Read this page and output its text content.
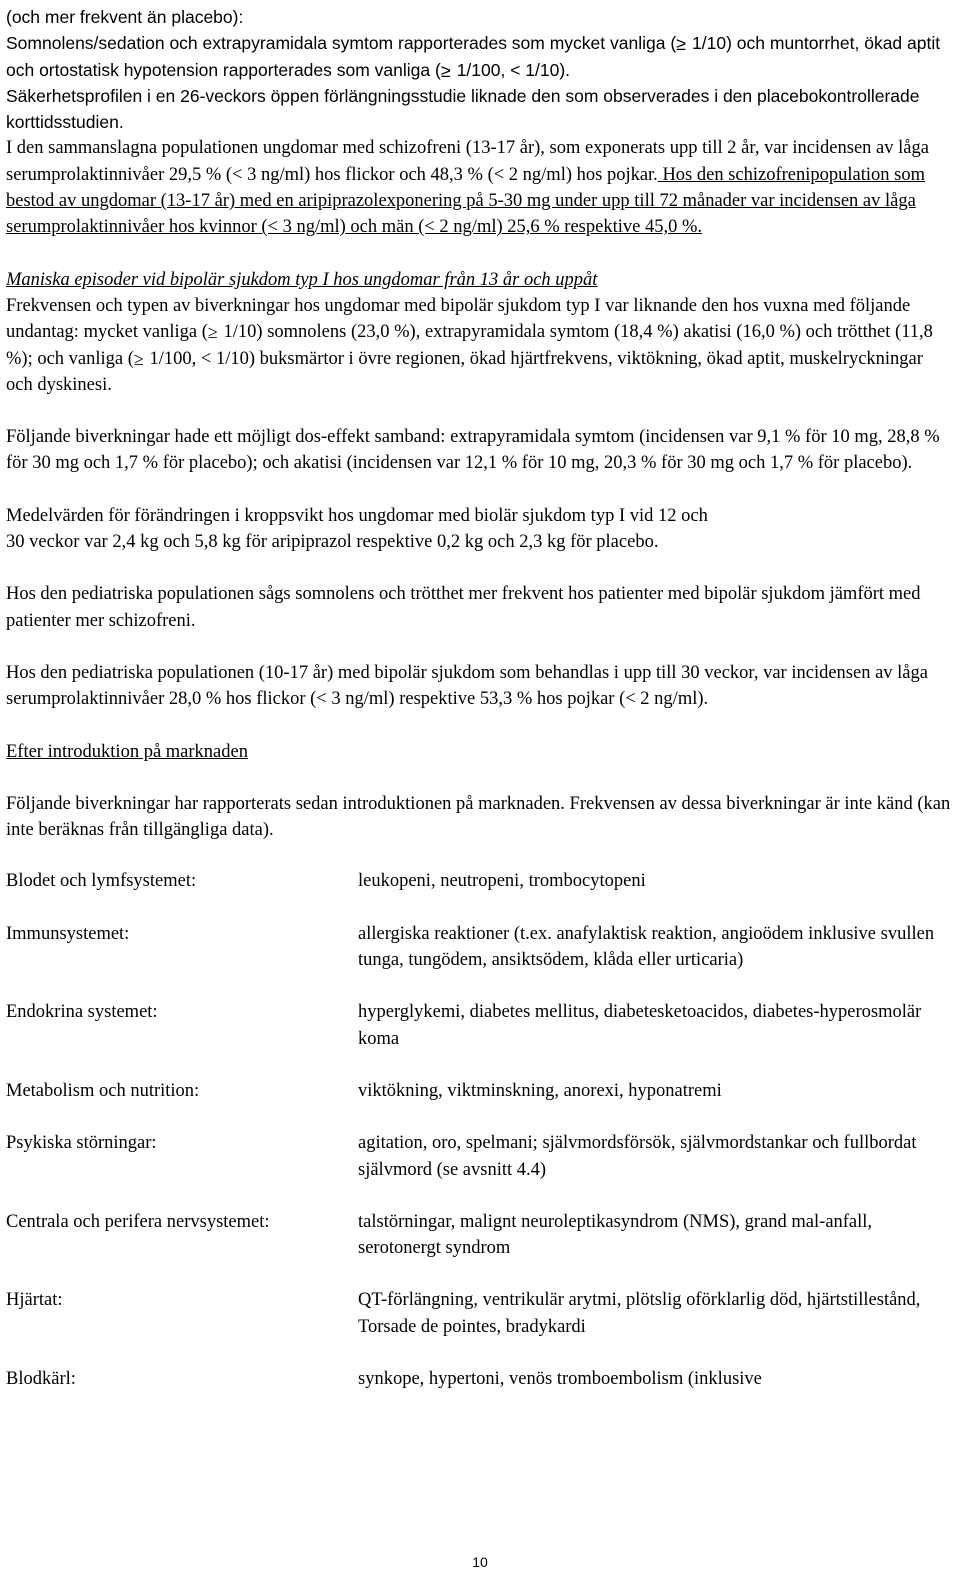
(och mer frekvent än placebo):

Somnolens/sedation och extrapyramidala symtom rapporterades som mycket vanliga (≥ 1/10) och muntorrhet, ökad aptit och ortostatisk hypotension rapporterades som vanliga (≥ 1/100, < 1/10).

Säkerhetsprofilen i en 26-veckors öppen förlängningsstudie liknade den som observerades i den placebokontrollerade korttidsstudien.

I den sammanslagna populationen ungdomar med schizofreni (13-17 år), som exponerats upp till 2 år, var incidensen av låga serumprolaktinnivåer 29,5 % (< 3 ng/ml) hos flickor och 48,3 % (< 2 ng/ml) hos pojkar. Hos den schizofrenipopulation som bestod av ungdomar (13-17 år) med en aripiprazolexponering på 5-30 mg under upp till 72 månader var incidensen av låga serumprolaktinnivåer hos kvinnor (< 3 ng/ml) och män (< 2 ng/ml) 25,6 % respektive 45,0 %.

Maniska episoder vid bipolär sjukdom typ I hos ungdomar från 13 år och uppåt

Frekvensen och typen av biverkningar hos ungdomar med bipolär sjukdom typ I var liknande den hos vuxna med följande undantag: mycket vanliga (≥ 1/10) somnolens (23,0 %), extrapyramidala symtom (18,4 %) akatisi (16,0 %) och trötthet (11,8 %); och vanliga (≥ 1/100, < 1/10) buksmärtor i övre regionen, ökad hjärtfrekvens, viktökning, ökad aptit, muskelryckningar och dyskinesi.

Följande biverkningar hade ett möjligt dos-effekt samband: extrapyramidala symtom (incidensen var 9,1 % för 10 mg, 28,8 % för 30 mg och 1,7 % för placebo); och akatisi (incidensen var 12,1 % för 10 mg, 20,3 % för 30 mg och 1,7 % för placebo).

Medelvärden för förändringen i kroppsvikt hos ungdomar med biolär sjukdom typ I vid 12 och

30 veckor var 2,4 kg och 5,8 kg för aripiprazol respektive 0,2 kg och 2,3 kg för placebo.

Hos den pediatriska populationen sågs somnolens och trötthet mer frekvent hos patienter med bipolär sjukdom jämfört med patienter mer schizofreni.

Hos den pediatriska populationen (10-17 år) med bipolär sjukdom som behandlas i upp till 30 veckor, var incidensen av låga serumprolaktinnivåer 28,0 % hos flickor (< 3 ng/ml) respektive 53,3 % hos pojkar (< 2 ng/ml).

Efter introduktion på marknaden

Följande biverkningar har rapporterats sedan introduktionen på marknaden. Frekvensen av dessa biverkningar är inte känd (kan inte beräknas från tillgängliga data).

Blodet och lymfsystemet:	leukopeni, neutropeni, trombocytopeni
Immunsystemet:	allergiska reaktioner (t.ex. anafylaktisk reaktion, angioödem inklusive svullen tunga, tungödem, ansiktsödem, klåda eller urticaria)
Endokrina systemet:	hyperglykemi, diabetes mellitus, diabetesketoacidos, diabetes-hyperosmolär koma
Metabolism och nutrition:	viktökning, viktminskning, anorexi, hyponatremi
Psykiska störningar:	agitation, oro, spelmani; självmordsförsök, självmordstankar och fullbordat självmord (se avsnitt 4.4)
Centrala och perifera nervsystemet:	talstörningar, malignt neuroleptikasyndrom (NMS), grand mal-anfall, serotonergt syndrom
Hjärtat:	QT-förlängning, ventrikulär arytmi, plötslig oförklarlig död, hjärtstillestånd, Torsade de pointes, bradykardi
Blodkärl:	synkope, hypertoni, venös tromboembolism (inklusive
10
